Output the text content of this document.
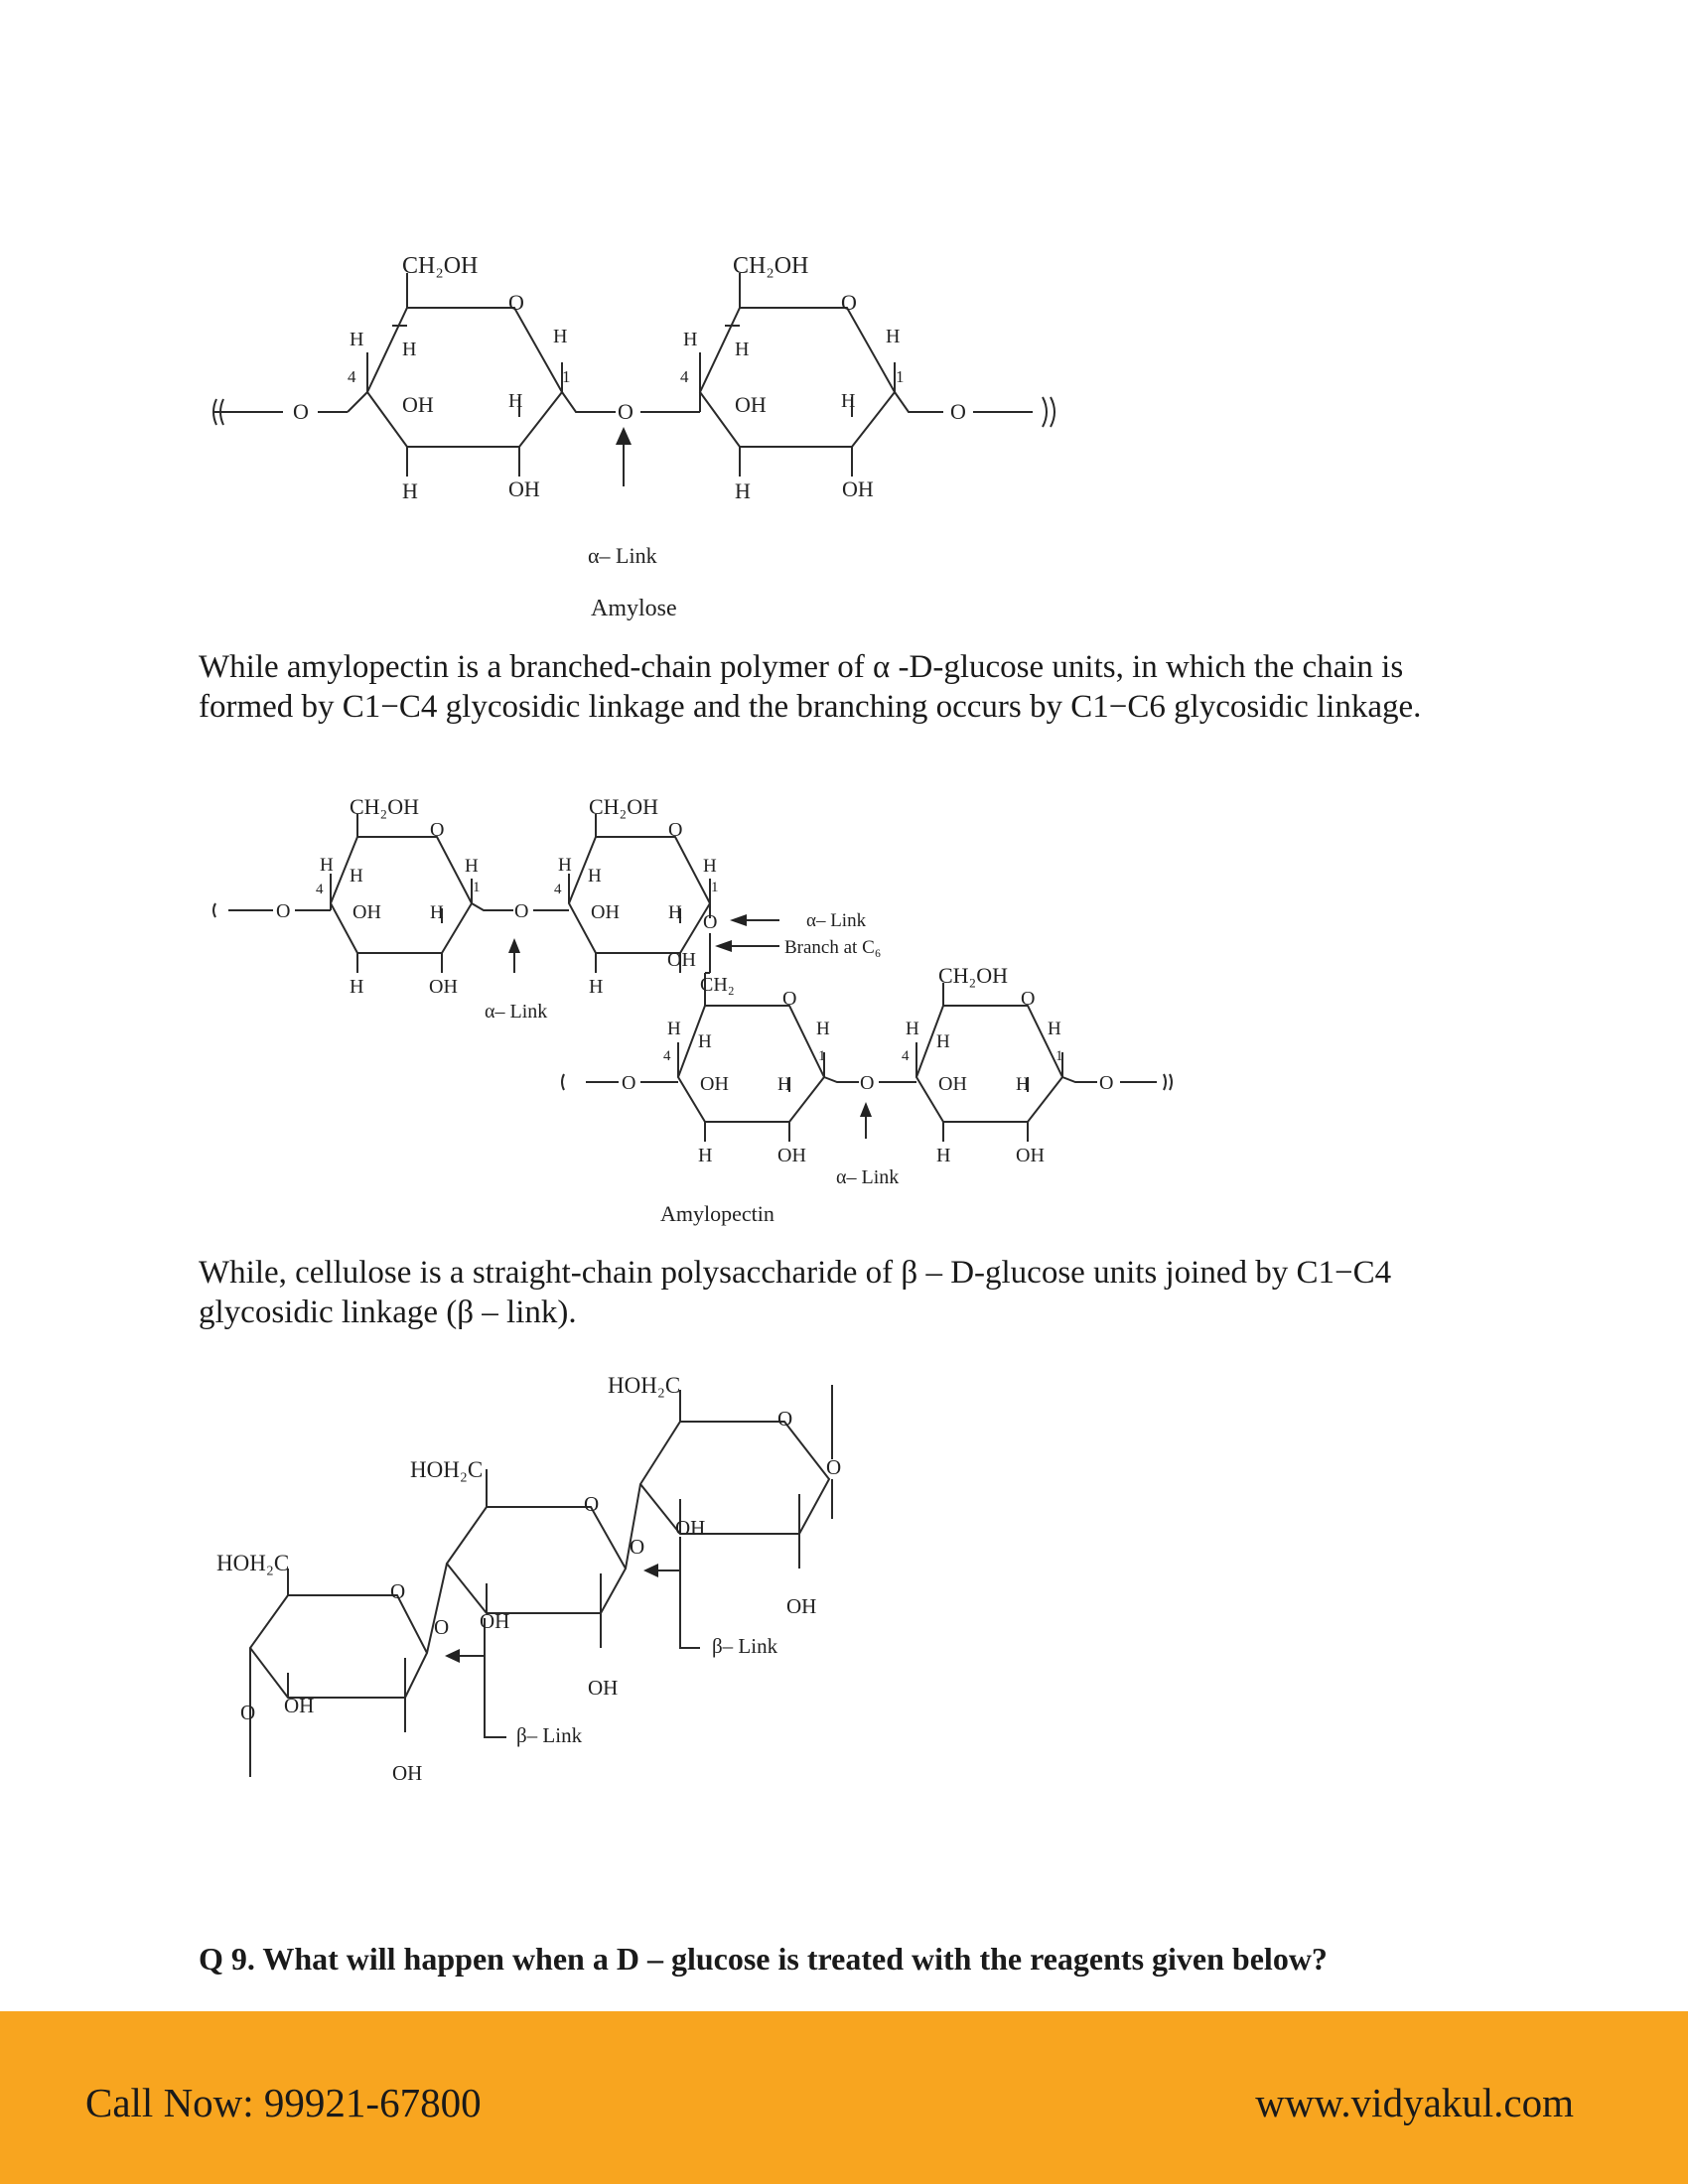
CH₂OH
O
H H
H
4	1
O	OH	H
H	OH
O
CH₂OH
O
H H
H
4	1
OH	H
H	OH
O
α– Link
Amylose

While amylopectin is a branched-chain polymer of α -D-glucose units, in which the chain is formed by C1−C4 glycosidic linkage and the branching occurs by C1−C6 glycosidic linkage.

CH₂OH
O
H
H	H
4	1
O	OH	H
H	OH
O
α– Link
CH₂OH
O
H
H	H
4	1
OH	H O
H
OH
α– Link
Branch at C₆
CH₂
O
H
H
H
4	1
O	OH	H
H	OH
O
CH₂OH
O
H
H
H
4	1
OH	H
H	OH
O
α– Link
Amylopectin

While, cellulose is a straight-chain polysaccharide of β – D-glucose units joined by C1−C4 glycosidic linkage (β – link).

HOH₂C
O
O OH
OH
β– Link
HOH₂C
O
O OH
OH
β– Link
HOH₂C
O
O
O
OH
OH

Q 9. What will happen when a D – glucose is treated with the reagents given below?

Call Now: 99921-67800	www.vidyakul.com
